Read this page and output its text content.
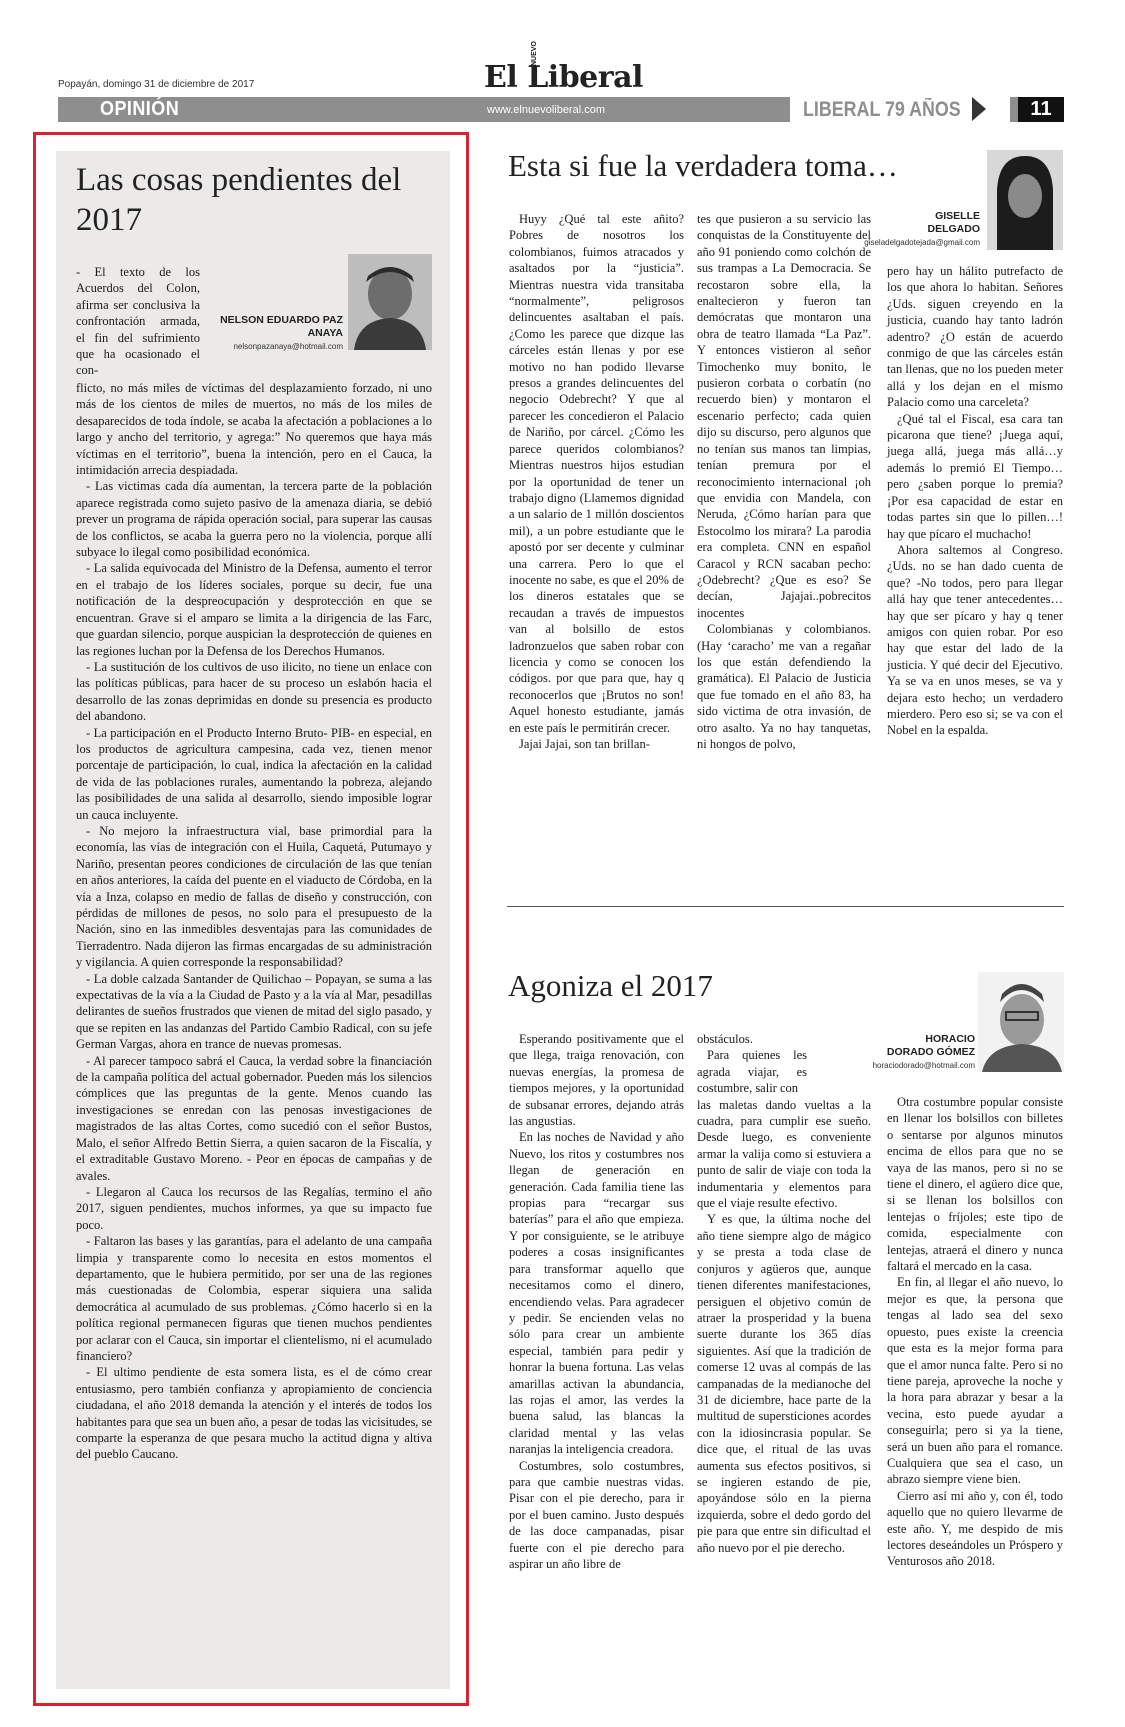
Popayán, domingo 31 de diciembre de 2017	El Liberal
NUEVO
OPINIÓN	www.elnuevoliberal.com	LIBERAL 79 AÑOS	11
Las cosas pendientes del 2017
NELSON EDUARDO PAZ ANAYA
nelsonpazanaya@hotmail.com

- El texto de los Acuerdos del Colon, afirma ser conclusiva la confrontación armada, el fin del sufrimiento que ha ocasionado el con-

flicto, no más miles de víctimas del desplazamiento forzado, ni uno más de los cientos de miles de muertos, no más de los miles de desaparecidos de toda índole, se acaba la afectación a poblaciones a lo largo y ancho del territorio, y agrega:” No queremos que haya más víctimas en el territorio”, buena la intención, pero en el Cauca, la intimidación arrecia despiadada.

- Las victimas cada día aumentan, la tercera parte de la población aparece registrada como sujeto pasivo de la amenaza diaria, se debió prever un programa de rápida operación social, para superar las causas de los conflictos, se acaba la guerra pero no la violencia, porque allí subyace lo ilegal como posibilidad económica.

- La salida equivocada del Ministro de la Defensa, aumento el terror en el trabajo de los líderes sociales, porque su decir, fue una notificación de la despreocupación y desprotección en que se encuentran. Grave si el amparo se limita a la dirigencia de las Farc, que guardan silencio, porque auspician la desprotección de quienes en las regiones luchan por la Defensa de los Derechos Humanos.

- La sustitución de los cultivos de uso ilicito, no tiene un enlace con las políticas públicas, para hacer de su proceso un eslabón hacia el desarrollo de las zonas deprimidas en donde su presencia es producto del abandono.

- La participación en el Producto Interno Bruto- PIB- en especial, en los productos de agricultura campesina, cada vez, tienen menor porcentaje de participación, lo cual, indica la afectación en la calidad de vida de las poblaciones rurales, aumentando la pobreza, alejando las posibilidades de una salida al desarrollo, siendo imposible lograr un cauca incluyente.

- No mejoro la infraestructura vial, base primordial para la economía, las vías de integración con el Huila, Caquetá, Putumayo y Nariño, presentan peores condiciones de circulación de las que tenían en años anteriores, la caída del puente en el viaducto de Córdoba, en la vía a Inza, colapso en medio de fallas de diseño y construcción, con pérdidas de millones de pesos, no solo para el presupuesto de la Nación, sino en las inmedibles desventajas para las comunidades de Tierradentro. Nada dijeron las firmas encargadas de su administración y vigilancia. A quien corresponde la responsabilidad?

- La doble calzada Santander de Quilichao – Popayan, se suma a las expectativas de la vía a la Ciudad de Pasto y a la vía al Mar, pesadillas delirantes de sueños frustrados que vienen de mitad del siglo pasado, y que se repiten en las andanzas del Partido Cambio Radical, con su jefe German Vargas, ahora en trance de nuevas promesas.

- Al parecer tampoco sabrá el Cauca, la verdad sobre la financiación de la campaña política del actual gobernador. Pueden más los silencios cómplices que las preguntas de la gente. Menos cuando las investigaciones se enredan con las penosas investigaciones de magistrados de las altas Cortes, como sucedió con el señor Bustos, Malo, el señor Alfredo Bettin Sierra, a quien sacaron de la Fiscalía, y el extraditable Gustavo Moreno. - Peor en épocas de campañas y de avales.

- Llegaron al Cauca los recursos de las Regalías, termino el año 2017, siguen pendientes, muchos informes, ya que su impacto fue poco.

- Faltaron las bases y las garantías, para el adelanto de una campaña limpia y transparente como lo necesita en estos momentos el departamento, que le hubiera permitido, por ser una de las regiones más cuestionadas de Colombia, esperar siquiera una salida democrática al acumulado de sus problemas. ¿Cómo hacerlo si en la política regional permanecen figuras que tienen muchos pendientes por aclarar con el Cauca, sin importar el clientelismo, ni el acumulado financiero?

- El ultimo pendiente de esta somera lista, es el de cómo crear entusiasmo, pero también confianza y apropiamiento de conciencia ciudadana, el año 2018 demanda la atención y el interés de todos los habitantes para que sea un buen año, a pesar de todas las vicisitudes, se comparte la esperanza de que pesara mucho la actitud digna y altiva del pueblo Caucano.

Esta si fue la verdadera toma…
GISELLE
DELGADO
giseladelgadotejada@gmail.com

Huyy ¿Qué tal este añito? Pobres de nosotros los colombianos, fuimos atracados y asaltados por la “justicia”. Mientras nuestra vida transitaba “normalmente”, peligrosos delincuentes asaltaban el país. ¿Como les parece que dizque las cárceles están llenas y por ese motivo no han podido llevarse presos a grandes delincuentes del negocio Odebrecht? Y que al parecer les concedieron el Palacio de Nariño, por cárcel. ¿Cómo les parece queridos colombianos? Mientras nuestros hijos estudian por la oportunidad de tener un trabajo digno (Llamemos dignidad a un salario de 1 millón doscientos mil), a un pobre estudiante que le apostó por ser decente y culminar una carrera. Pero lo que el inocente no sabe, es que el 20% de los dineros estatales que se recaudan a través de impuestos van al bolsillo de estos ladronzuelos que saben robar con licencia y como se conocen los códigos. por que para que, hay q reconocerlos que ¡Brutos no son! Aquel honesto estudiante, jamás en este país le permitirán crecer.

Jajai Jajai, son tan brillan-

tes que pusieron a su servicio las conquistas de la Constituyente del año 91 poniendo como colchón de sus trampas a La Democracia. Se recostaron sobre ella, la enaltecieron y fueron tan demócratas que montaron una obra de teatro llamada “La Paz”. Y entonces vistieron al señor Timochenko muy bonito, le pusieron corbata o corbatín (no recuerdo bien) y montaron el escenario perfecto; cada quien dijo su discurso, pero algunos que no tenían sus manos tan limpias, tenían premura por el reconocimiento internacional ¡oh que envidia con Mandela, con Neruda, ¿Cómo harían para que Estocolmo los mirara? La parodia era completa. CNN en español Caracol y RCN sacaban pecho: ¿Odebrecht? ¿Que es eso? Se decían, Jajajai..pobrecitos inocentes

Colombianas y colombianos. (Hay ‘caracho’ me van a regañar los que están defendiendo la gramática). El Palacio de Justicia que fue tomado en el año 83, ha sido victima de otra invasión, de otro asalto. Ya no hay tanquetas, ni hongos de polvo,

pero hay un hálito putrefacto de los que ahora lo habitan. Señores ¿Uds. siguen creyendo en la justicia, cuando hay tanto ladrón adentro? ¿O están de acuerdo conmigo de que las cárceles están tan llenas, que no los pueden meter allá y los dejan en el mismo Palacio como una carceleta?

¿Qué tal el Fiscal, esa cara tan picarona que tiene? ¡Juega aquí, juega allá, juega más allá…y además lo premió El Tiempo…pero ¿saben porque lo premia? ¡Por esa capacidad de estar en todas partes sin que lo pillen…! hay que pícaro el muchacho!

Ahora saltemos al Congreso. ¿Uds. no se han dado cuenta de que? -No todos, pero para llegar allá hay que tener antecedentes… hay que ser pícaro y hay q tener amigos con quien robar. Por eso hay que estar del lado de la justicia. Y qué decir del Ejecutivo. Ya se va en unos meses, se va y dejara esto hecho; un verdadero mierdero. Pero eso si; se va con el Nobel en la espalda.

Agoniza el 2017
HORACIO
DORADO GÓMEZ
horaciodorado@hotmail.com

Esperando positivamente que el que llega, traiga renovación, con nuevas energías, la promesa de tiempos mejores, y la oportunidad de subsanar errores, dejando atrás las angustias.

En las noches de Navidad y año Nuevo, los ritos y costumbres nos llegan de generación en generación. Cada familia tiene las propias para “recargar sus baterías” para el año que empieza. Y por consiguiente, se le atribuye poderes a cosas insignificantes para transformar aquello que necesitamos como el dinero, encendiendo velas. Para agradecer y pedir. Se encienden velas no sólo para crear un ambiente especial, también para pedir y honrar la buena fortuna. Las velas amarillas activan la abundancia, las rojas el amor, las verdes la buena salud, las blancas la claridad mental y las velas naranjas la inteligencia creadora.

Costumbres, solo costumbres, para que cambie nuestras vidas. Pisar con el pie derecho, para ir por el buen camino. Justo después de las doce campanadas, pisar fuerte con el pie derecho para aspirar un año libre de

obstáculos.

Para quienes les agrada viajar, es costumbre, salir con

las maletas dando vueltas a la cuadra, para cumplir ese sueño. Desde luego, es conveniente armar la valija como si estuviera a punto de salir de viaje con toda la indumentaria y elementos para que el viaje resulte efectivo.

Y es que, la última noche del año tiene siempre algo de mágico y se presta a toda clase de conjuros y agüeros que, aunque tienen diferentes manifestaciones, persiguen el objetivo común de atraer la prosperidad y la buena suerte durante los 365 días siguientes. Así que la tradición de comerse 12 uvas al compás de las campanadas de la medianoche del 31 de diciembre, hace parte de la multitud de supersticiones acordes con la idiosincrasia popular. Se dice que, el ritual de las uvas aumenta sus efectos positivos, si se ingieren estando de pie, apoyándose sólo en la pierna izquierda, sobre el dedo gordo del pie para que entre sin dificultad el año nuevo por el pie derecho.

Otra costumbre popular consiste en llenar los bolsillos con billetes o sentarse por algunos minutos encima de ellos para que no se vaya de las manos, pero si no se tiene el dinero, el agüero dice que, si se llenan los bolsillos con lentejas o fríjoles; este tipo de comida, especialmente con lentejas, atraerá el dinero y nunca faltará el mercado en la casa.

En fin, al llegar el año nuevo, lo mejor es que, la persona que tengas al lado sea del sexo opuesto, pues existe la creencia que esta es la mejor forma para que el amor nunca falte. Pero si no tiene pareja, aproveche la noche y la hora para abrazar y besar a la vecina, esto puede ayudar a conseguirla; pero si ya la tiene, será un buen año para el romance. Cualquiera que sea el caso, un abrazo siempre viene bien.

Cierro así mi año y, con él, todo aquello que no quiero llevarme de este año. Y, me despido de mis lectores deseándoles un Próspero y Venturosos año 2018.
